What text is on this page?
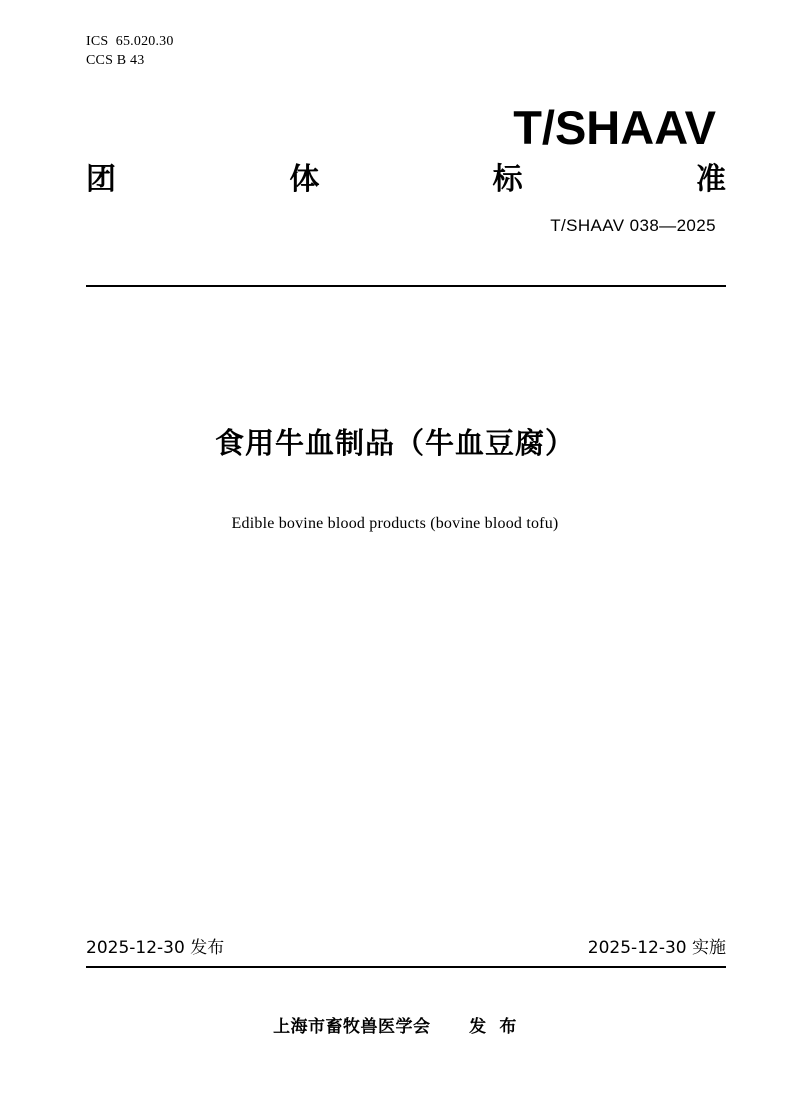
ICS  65.020.30
CCS B 43
T/SHAAV
团	体	标	准
T/SHAAV 038—2025
食用牛血制品（牛血豆腐）
Edible bovine blood products (bovine blood tofu)
2025-12-30 发布	2025-12-30 实施
上海市畜牧兽医学会      发  布
